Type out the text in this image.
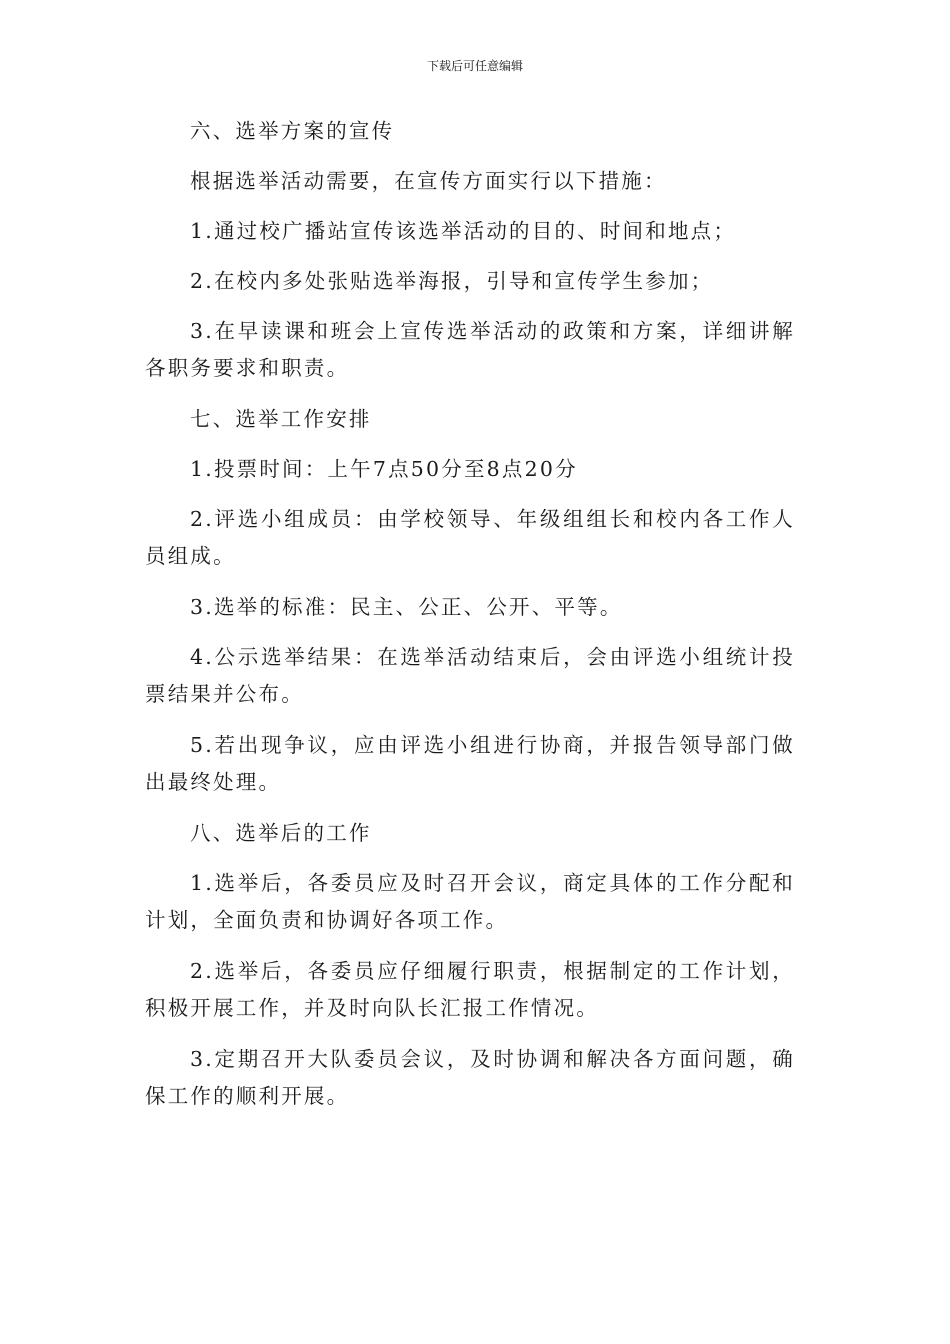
下载后可任意编辑

六、选举方案的宣传

根据选举活动需要，在宣传方面实行以下措施：

1.通过校广播站宣传该选举活动的目的、时间和地点；

2.在校内多处张贴选举海报，引导和宣传学生参加；

3.在早读课和班会上宣传选举活动的政策和方案，详细讲解各职务要求和职责。

七、选举工作安排

1.投票时间：上午7点50分至8点20分

2.评选小组成员：由学校领导、年级组组长和校内各工作人员组成。

3.选举的标准：民主、公正、公开、平等。

4.公示选举结果：在选举活动结束后，会由评选小组统计投票结果并公布。

5.若出现争议，应由评选小组进行协商，并报告领导部门做出最终处理。

八、选举后的工作

1.选举后，各委员应及时召开会议，商定具体的工作分配和计划，全面负责和协调好各项工作。

2.选举后，各委员应仔细履行职责，根据制定的工作计划，积极开展工作，并及时向队长汇报工作情况。

3.定期召开大队委员会议，及时协调和解决各方面问题，确保工作的顺利开展。
